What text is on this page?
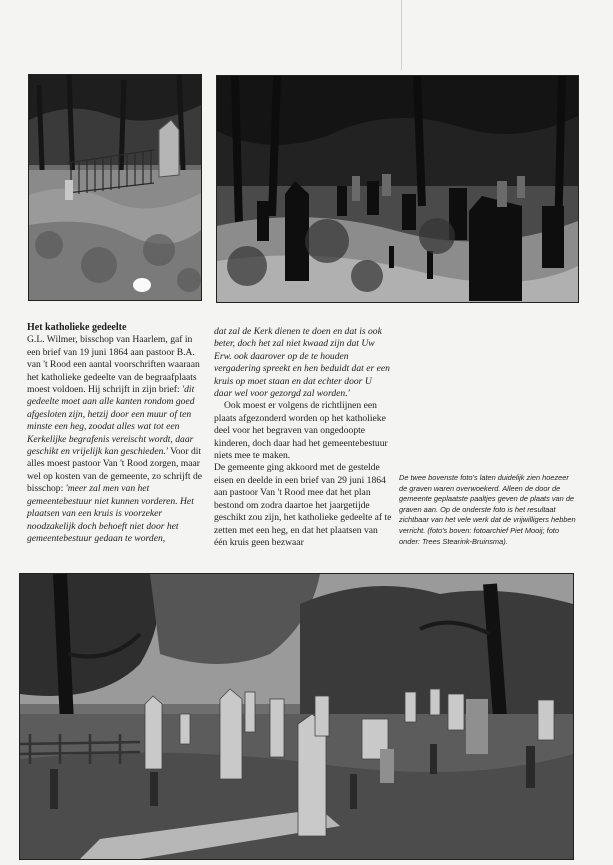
Het katholieke gedeelte

G.L. Wilmer, bisschop van Haarlem, gaf in een brief van 19 juni 1864 aan pastoor B.A. van 't Rood een aantal voorschriften waaraan het katholieke gedeelte van de begraafplaats moest voldoen. Hij schrijft in zijn brief: 'dit gedeelte moet aan alle kanten rondom goed afgesloten zijn, hetzij door een muur of ten minste een heg, zoodat alles wat tot een Kerkelijke begrafenis vereischt wordt, daar geschikt en vrijelijk kan geschieden.' Voor dit alles moest pastoor Van 't Rood zorgen, maar wel op kosten van de gemeente, zo schrijft de bisschop: 'meer zal men van het gemeentebestuur niet kunnen vorderen. Het plaatsen van een kruis is voorzeker noodzakelijk doch behoeft niet door het gemeentebestuur gedaan te worden,

dat zal de Kerk dienen te doen en dat is ook beter, doch het zal niet kwaad zijn dat Uw Erw. ook daarover op de te houden vergadering spreekt en hen beduidt dat er een kruis op moet staan en dat echter door U daar wel voor gezorgd zal worden.'

Ook moest er volgens de richtlijnen een plaats afgezonderd worden op het katholieke deel voor het begraven van ongedoopte kinderen, doch daar had het gemeentebestuur niets mee te maken.

De gemeente ging akkoord met de gestelde eisen en deelde in een brief van 29 juni 1864 aan pastoor Van 't Rood mee dat het plan bestond om zodra daartoe het jaargetijde geschikt zou zijn, het katholieke gedeelte af te zetten met een heg, en dat het plaatsen van één kruis geen bezwaar

De twee bovenste foto's laten duidelijk zien hoezeer de graven waren overwoekerd. Alleen de door de gemeente geplaatste paaltjes geven de plaats van de graven aan. Op de onderste foto is het resultaat zichtbaar van het vele werk dat de vrijwilligers hebben verricht. (foto's boven: fotoarchief Piet Mooij; foto onder: Trees Stearink-Bruinsma).
